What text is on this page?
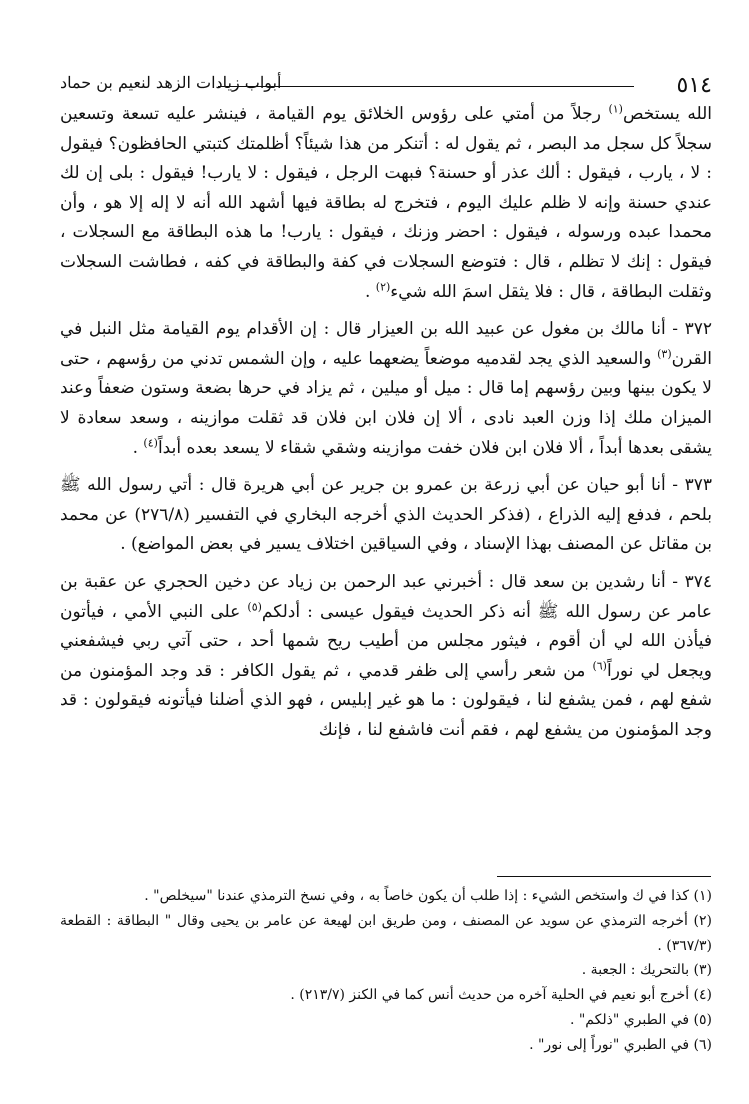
٥١٤
أبواب زيادات الزهد لنعيم بن حماد

الله يستخص$^{(١)}$ رجلاً من أمتي على رؤوس الخلائق يوم القيامة ، فينشر عليه تسعة وتسعين سجلاً كل سجل مد البصر ، ثم يقول له : أتنكر من هذا شيئاً؟ أظلمتك كتبتي الحافظون؟ فيقول : لا ، يارب ، فيقول : ألك عذر أو حسنة؟ فبهت الرجل ، فيقول : لا يارب! فيقول : بلى إن لك عندي حسنة وإنه لا ظلم عليك اليوم ، فتخرج له بطاقة فيها أشهد الله أنه لا إله إلا هو ، وأن محمدا عبده ورسوله ، فيقول : احضر وزنك ، فيقول : يارب! ما هذه البطاقة مع السجلات ، فيقول : إنك لا تظلم ، قال : فتوضع السجلات في كفة والبطاقة في كفه ، فطاشت السجلات وثقلت البطاقة ، قال : فلا يثقل اسمَ الله شيء$^{(٢)}$ .

٣٧٢ - أنا مالك بن مغول عن عبيد الله بن العيزار قال : إن الأقدام يوم القيامة مثل النبل في القرن$^{(٣)}$ والسعيد الذي يجد لقدميه موضعاً يضعهما عليه ، وإن الشمس تدني من رؤسهم ، حتى لا يكون بينها وبين رؤسهم إما قال : ميل أو ميلين ، ثم يزاد في حرها بضعة وستون ضعفاً وعند الميزان ملك إذا وزن العبد نادى ، ألا إن فلان ابن فلان قد ثقلت موازينه ، وسعد سعادة لا يشقى بعدها أبداً ، ألا فلان ابن فلان خفت موازينه وشقي شقاء لا يسعد بعده أبداً$^{(٤)}$ .

٣٧٣ - أنا أبو حيان عن أبي زرعة بن عمرو بن جرير عن أبي هريرة قال : أتي رسول الله ﷺ بلحم ، فدفع إليه الذراع ، (فذكر الحديث الذي أخرجه البخاري في التفسير (٢٧٦/٨) عن محمد بن مقاتل عن المصنف بهذا الإسناد ، وفي السياقين اختلاف يسير في بعض المواضع) .

٣٧٤ - أنا رشدين بن سعد قال : أخبرني عبد الرحمن بن زياد عن دخين الحجري عن عقبة بن عامر عن رسول الله ﷺ أنه ذكر الحديث فيقول عيسى : أدلكم$^{(٥)}$ على النبي الأمي ، فيأتون فيأذن الله لي أن أقوم ، فيثور مجلس من أطيب ريح شمها أحد ، حتى آتي ربي فيشفعني ويجعل لي نوراً$^{(٦)}$ من شعر رأسي إلى ظفر قدمي ، ثم يقول الكافر : قد وجد المؤمنون من شفع لهم ، فمن يشفع لنا ، فيقولون : ما هو غير إبليس ، فهو الذي أضلنا فيأتونه فيقولون : قد وجد المؤمنون من يشفع لهم ، فقم أنت فاشفع لنا ، فإنك

(١) كذا في ك واستخص الشيء : إذا طلب أن يكون خاصاً به ، وفي نسخ الترمذي عندنا "سيخلص" .
(٢) أخرجه الترمذي عن سويد عن المصنف ، ومن طريق ابن لهيعة عن عامر بن يحيى وقال " البطاقة : القطعة (٣٦٧/٣) .
(٣) بالتحريك : الجعبة .
(٤) أخرج أبو نعيم في الحلية آخره من حديث أنس كما في الكنز (٢١٣/٧) .
(٥) في الطبري "ذلكم" .
(٦) في الطبري "نوراً إلى نور" .
